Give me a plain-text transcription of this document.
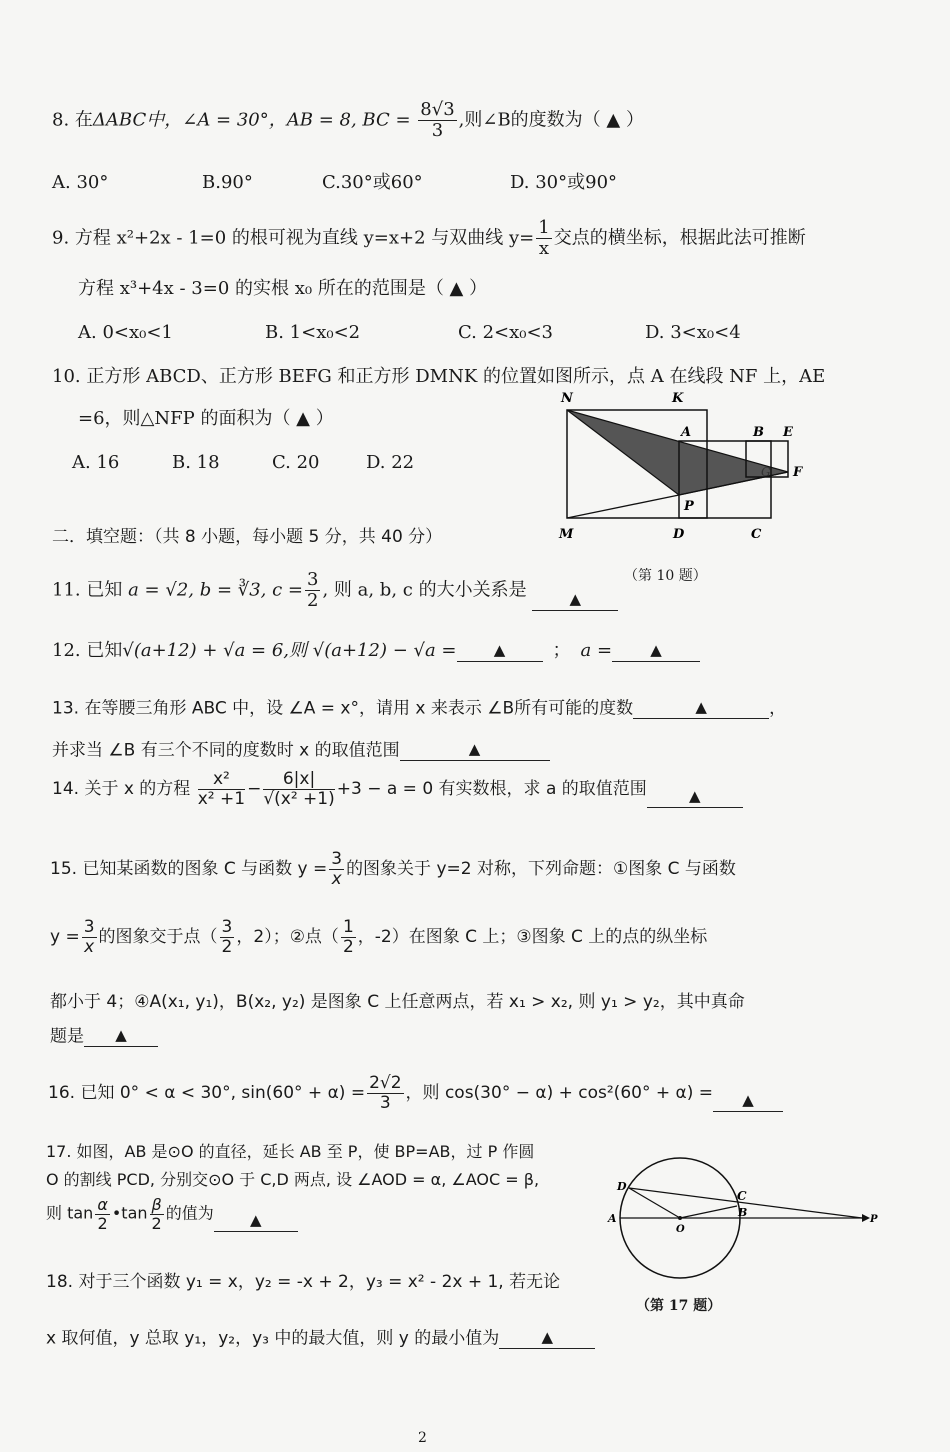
8. 在ΔABC中，∠A = 30°，AB = 8, BC = $\frac{8√3}{3}$ ,则∠B的度数为（ ▲ ）
A. 30°	B.90°	C.30°或60°	D. 30°或90°
9. 方程 x²+2x - 1=0 的根可视为直线 y=x+2 与双曲线 $y= \frac{1}{x}$ 交点的横坐标，根据此法可推断
方程 x³+4x - 3=0 的实根 x₀ 所在的范围是（ ▲ ）
A. 0<x₀<1	B. 1<x₀<2	C. 2<x₀<3	D. 3<x₀<4
10. 正方形 ABCD、正方形 BEFG 和正方形 DMNK 的位置如图所示，点 A 在线段 NF 上，AE
=6，则△NFP 的面积为（ ▲ ）
A. 16	B. 18	C. 20	D. 22
N	K
A	B E
G F
P
M	D	C
（第 10 题）
二．填空题：（共 8 小题，每小题 5 分，共 40 分）
11. 已知 a = √2, b = ∛3, $c = \frac{3}{2}$ , 则 a, b, c 的大小关系是	▲
12. 已知√(a+12) + √a = 6,则 √(a+12) − √a = ▲	； a =	▲
13. 在等腰三角形 ABC 中，设 ∠A = x°，请用 x 来表示 ∠B所有可能的度数	▲	，
并求当 ∠B 有三个不同的度数时 x 的取值范围	▲
14. 关于 x 的方程 $\frac{\text{x²}}{\text{x² +1}} - \frac{6|x|}{\text{√(x² +1)}} +3 - a = 0$ 有实数根，求 a 的取值范围	▲
15. 已知某函数的图象 C 与函数 $y = \frac{3}{x}$ 的图象关于 y=2 对称，下列命题：①图象 C 与函数
$y = \frac{3}{x}$ 的图象交于点（ $\frac{3}{2}$ ，2）；②点（ $\frac{1}{2}$ ，-2）在图象 C 上；③图象 C 上的点的纵坐标
都小于 4；④A(x₁, y₁)，B(x₂, y₂) 是图象 C 上任意两点，若 x₁ > x₂, 则 y₁ > y₂，其中真命
题是 ▲
16. 已知 0° < α < 30°, $\sin(60^\circ + \alpha) = \frac{2√2}{3}$ ，则 cos(30° − α) + cos²(60° + α) = ▲
17. 如图，AB 是⊙O 的直径，延长 AB 至 P，使 BP=AB，过 P 作圆
O 的割线 PCD, 分别交⊙O 于 C,D 两点, 设 ∠AOD = α, ∠AOC = β,
则 $\tan \frac{\alpha}{2}$ •tan $\frac{\beta}{2}$ 的值为 ▲
D
C
A
O
B
P
（第 17 题）
18. 对于三个函数 y₁ = x，y₂ = -x + 2，y₃ = x² - 2x + 1, 若无论
x 取何值，y 总取 y₁，y₂，y₃ 中的最大值，则 y 的最小值为	▲
2
